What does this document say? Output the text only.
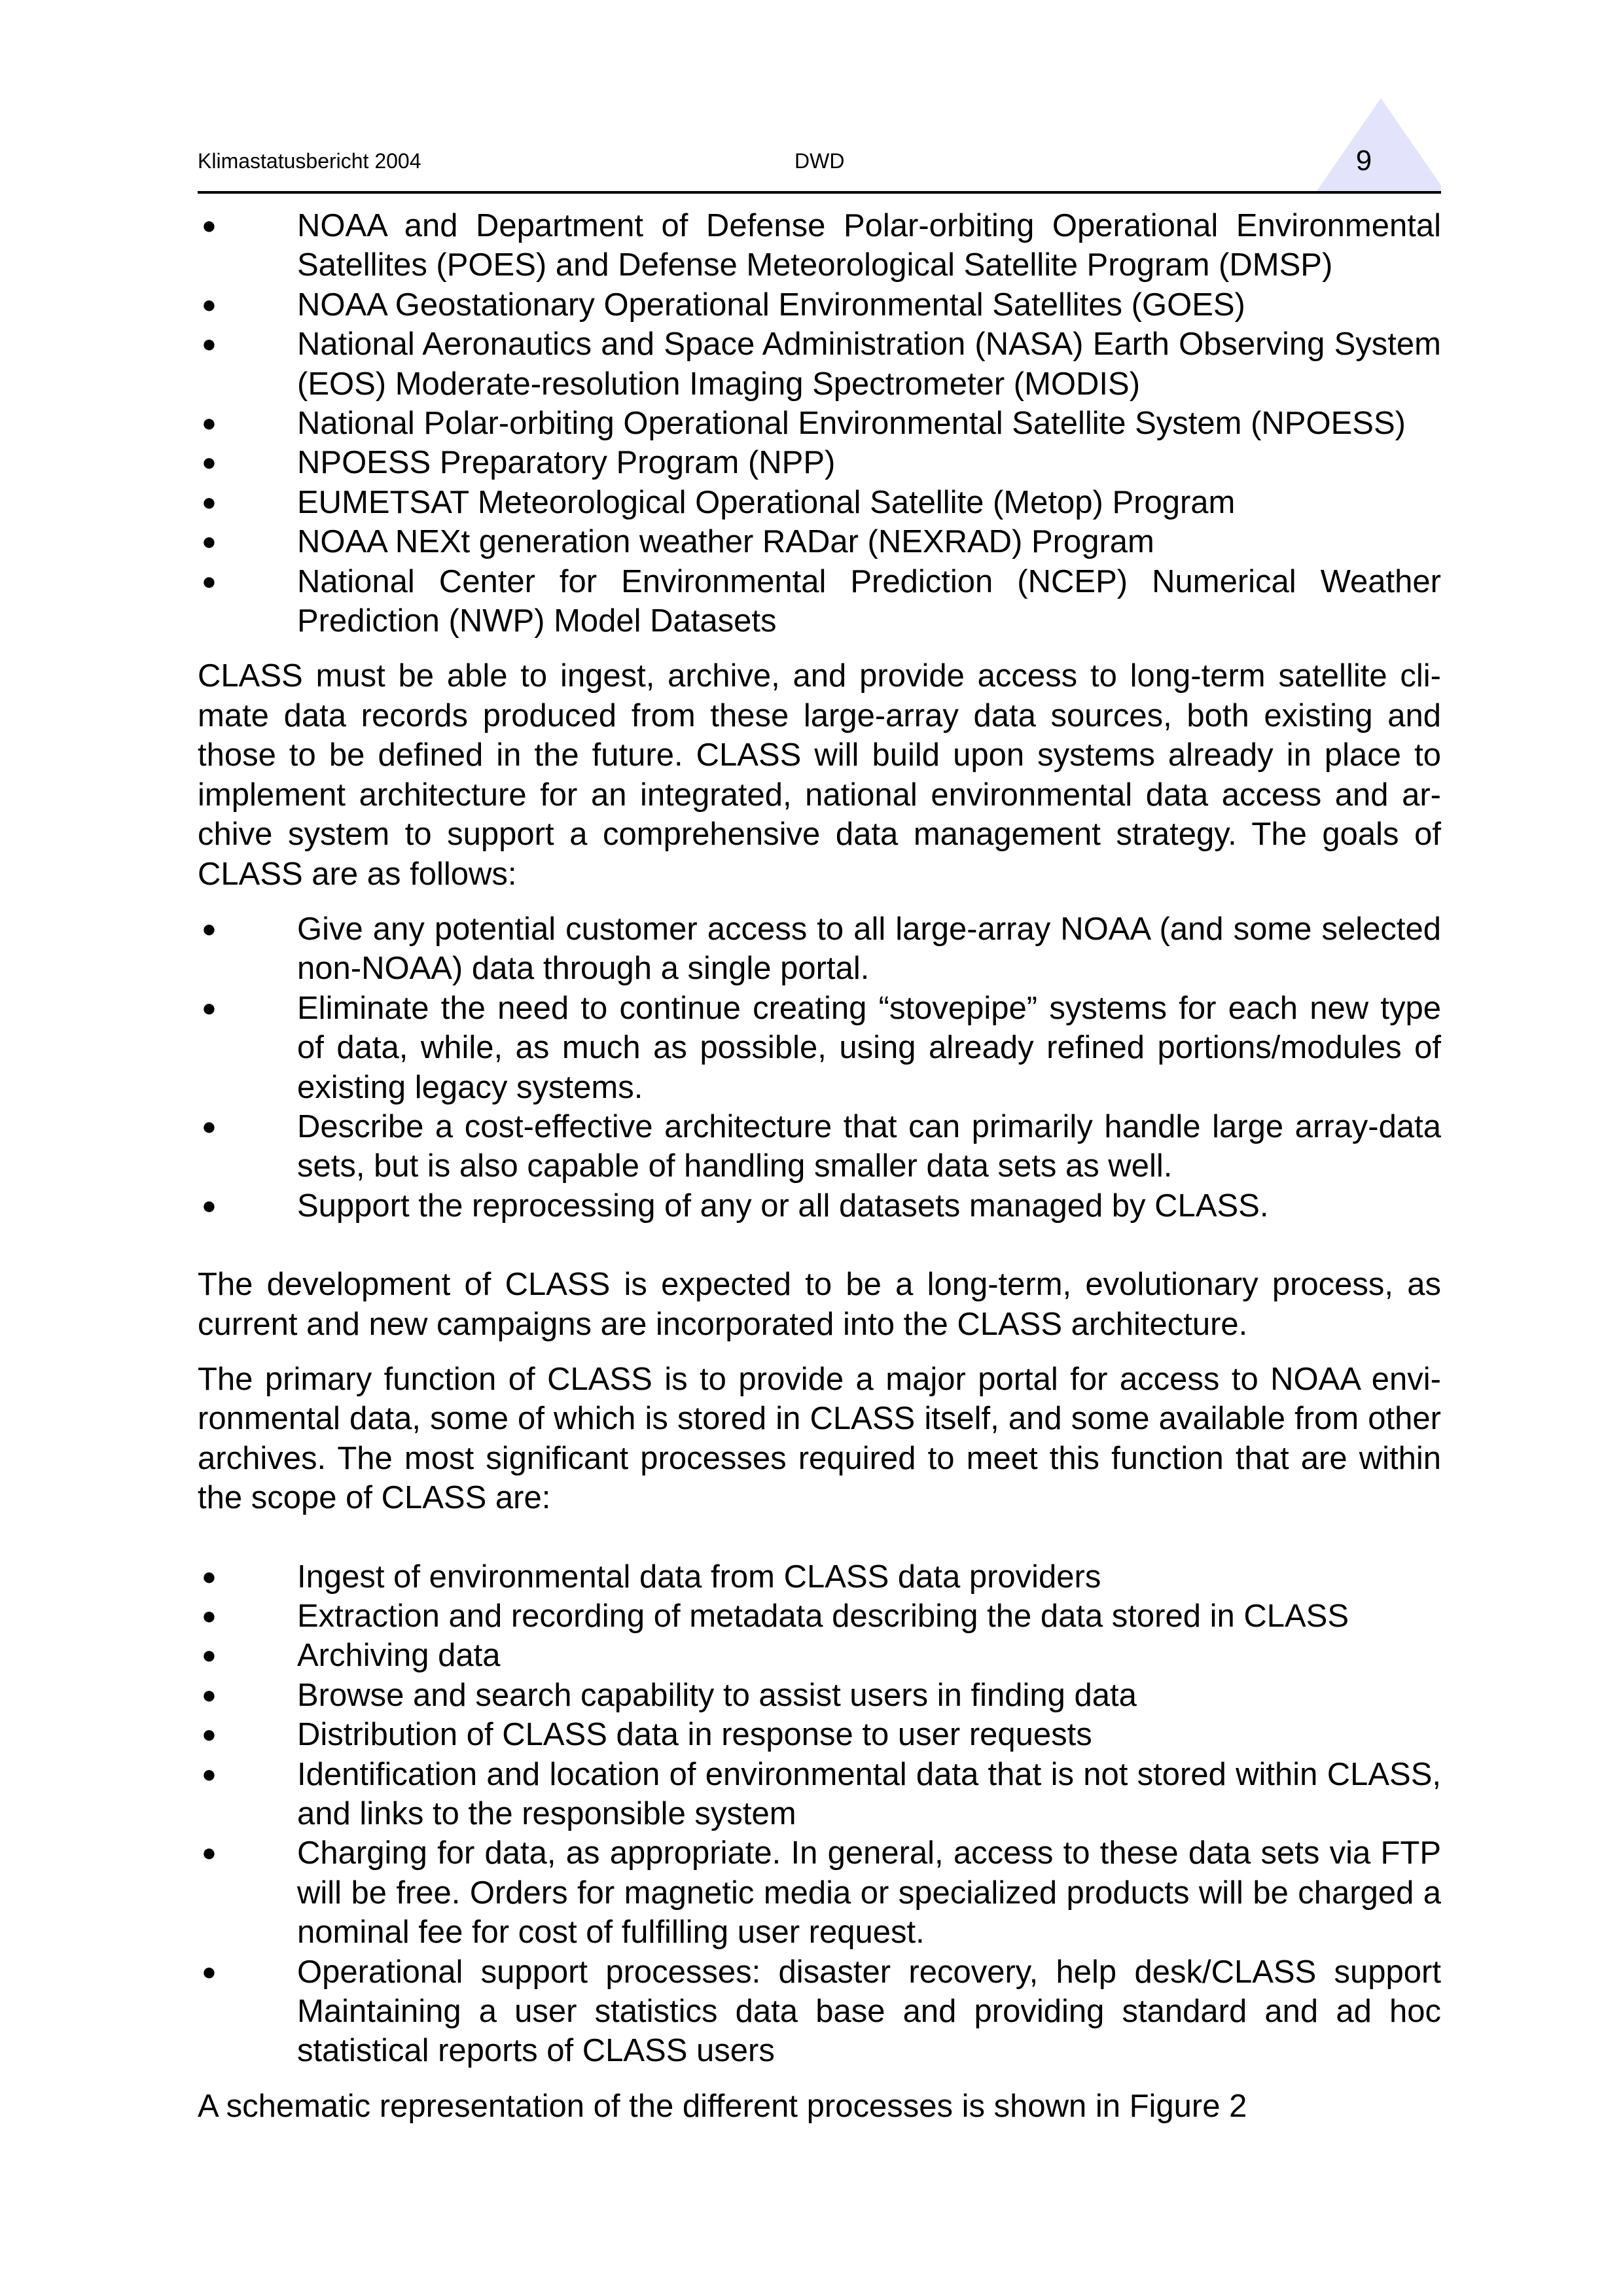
Klimastatusbericht 2004	DWD	9
●	NOAA and Department of Defense Polar-orbiting Operational Environmental Satellites (POES) and Defense Meteorological Satellite Program (DMSP)
●	NOAA Geostationary Operational Environmental Satellites (GOES)
●	National Aeronautics and Space Administration (NASA) Earth Observing System (EOS) Moderate-resolution Imaging Spectrometer (MODIS)
●	National Polar-orbiting Operational Environmental Satellite System (NPOESS)
●	NPOESS Preparatory Program (NPP)
●	EUMETSAT Meteorological Operational Satellite (Metop) Program
●	NOAA NEXt generation weather RADar (NEXRAD) Program
●	National Center for Environmental Prediction (NCEP) Numerical Weather Prediction (NWP) Model Datasets

CLASS must be able to ingest, archive, and provide access to long-term satellite climate data records produced from these large-array data sources, both existing and those to be defined in the future. CLASS will build upon systems already in place to implement architecture for an integrated, national environmental data access and archive system to support a comprehensive data management strategy. The goals of CLASS are as follows:

●	Give any potential customer access to all large-array NOAA (and some selected non-NOAA) data through a single portal.
●	Eliminate the need to continue creating “stovepipe” systems for each new type of data, while, as much as possible, using already refined portions/modules of existing legacy systems.
●	Describe a cost-effective architecture that can primarily handle large array-data sets, but is also capable of handling smaller data sets as well.
●	Support the reprocessing of any or all datasets managed by CLASS.

The development of CLASS is expected to be a long-term, evolutionary process, as current and new campaigns are incorporated into the CLASS architecture.

The primary function of CLASS is to provide a major portal for access to NOAA environmental data, some of which is stored in CLASS itself, and some available from other archives. The most significant processes required to meet this function that are within the scope of CLASS are:

●	Ingest of environmental data from CLASS data providers
●	Extraction and recording of metadata describing the data stored in CLASS
●	Archiving data
●	Browse and search capability to assist users in finding data
●	Distribution of CLASS data in response to user requests
●	Identification and location of environmental data that is not stored within CLASS, and links to the responsible system
●	Charging for data, as appropriate. In general, access to these data sets via FTP will be free. Orders for magnetic media or specialized products will be charged a nominal fee for cost of fulfilling user request.
●	Operational support processes: disaster recovery, help desk/CLASS support Maintaining a user statistics data base and providing standard and ad hoc statistical reports of CLASS users

A schematic representation of the different processes is shown in Figure 2
